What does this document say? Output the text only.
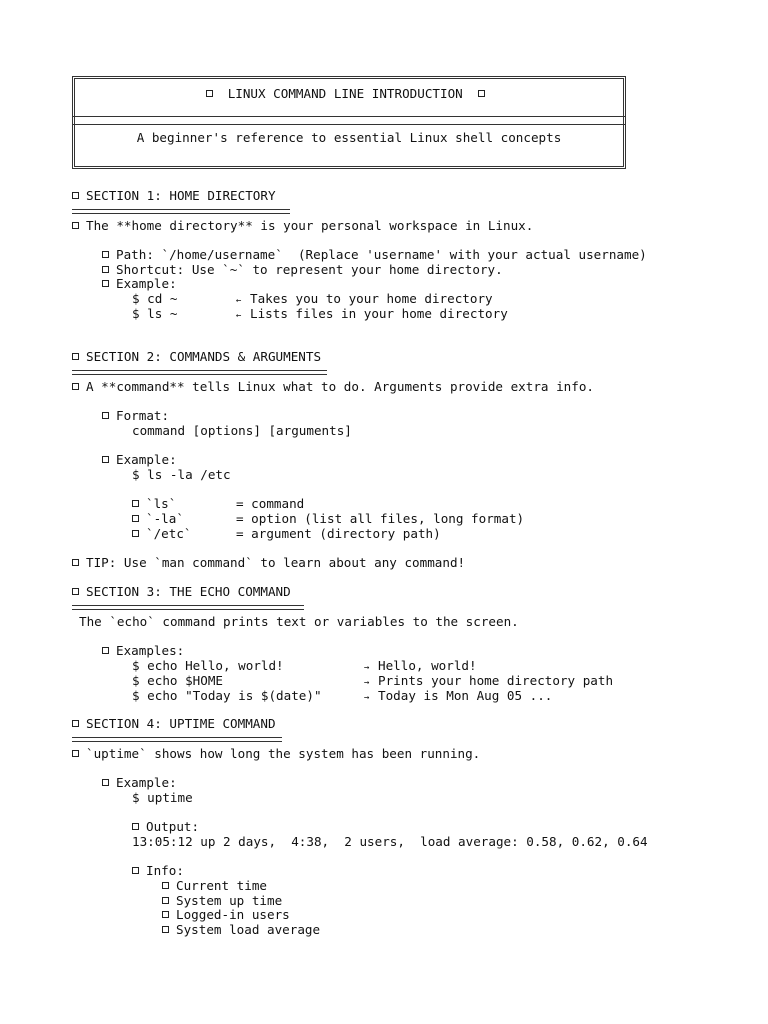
LINUX COMMAND LINE INTRODUCTION
A beginner's reference to essential Linux shell concepts
SECTION 1: HOME DIRECTORY
The **home directory** is your personal workspace in Linux.
Path: `/home/username`  (Replace 'username' with your actual username)
Shortcut: Use `~` to represent your home directory.
Example:
$ cd ~	← Takes you to your home directory
$ ls ~	← Lists files in your home directory
SECTION 2: COMMANDS & ARGUMENTS
A **command** tells Linux what to do. Arguments provide extra info.
Format:
command [options] [arguments]
Example:
$ ls -la /etc
`ls`	= command
`-la`	= option (list all files, long format)
`/etc`	= argument (directory path)
TIP: Use `man command` to learn about any command!
SECTION 3: THE ECHO COMMAND
The `echo` command prints text or variables to the screen.
Examples:
$ echo Hello, world!	→ Hello, world!
$ echo $HOME	→ Prints your home directory path
$ echo "Today is $(date)"	→ Today is Mon Aug 05 ...
SECTION 4: UPTIME COMMAND
`uptime` shows how long the system has been running.
Example:
$ uptime
Output:
13:05:12 up 2 days,  4:38,  2 users,  load average: 0.58, 0.62, 0.64
Info:
Current time
System up time
Logged-in users
System load average
